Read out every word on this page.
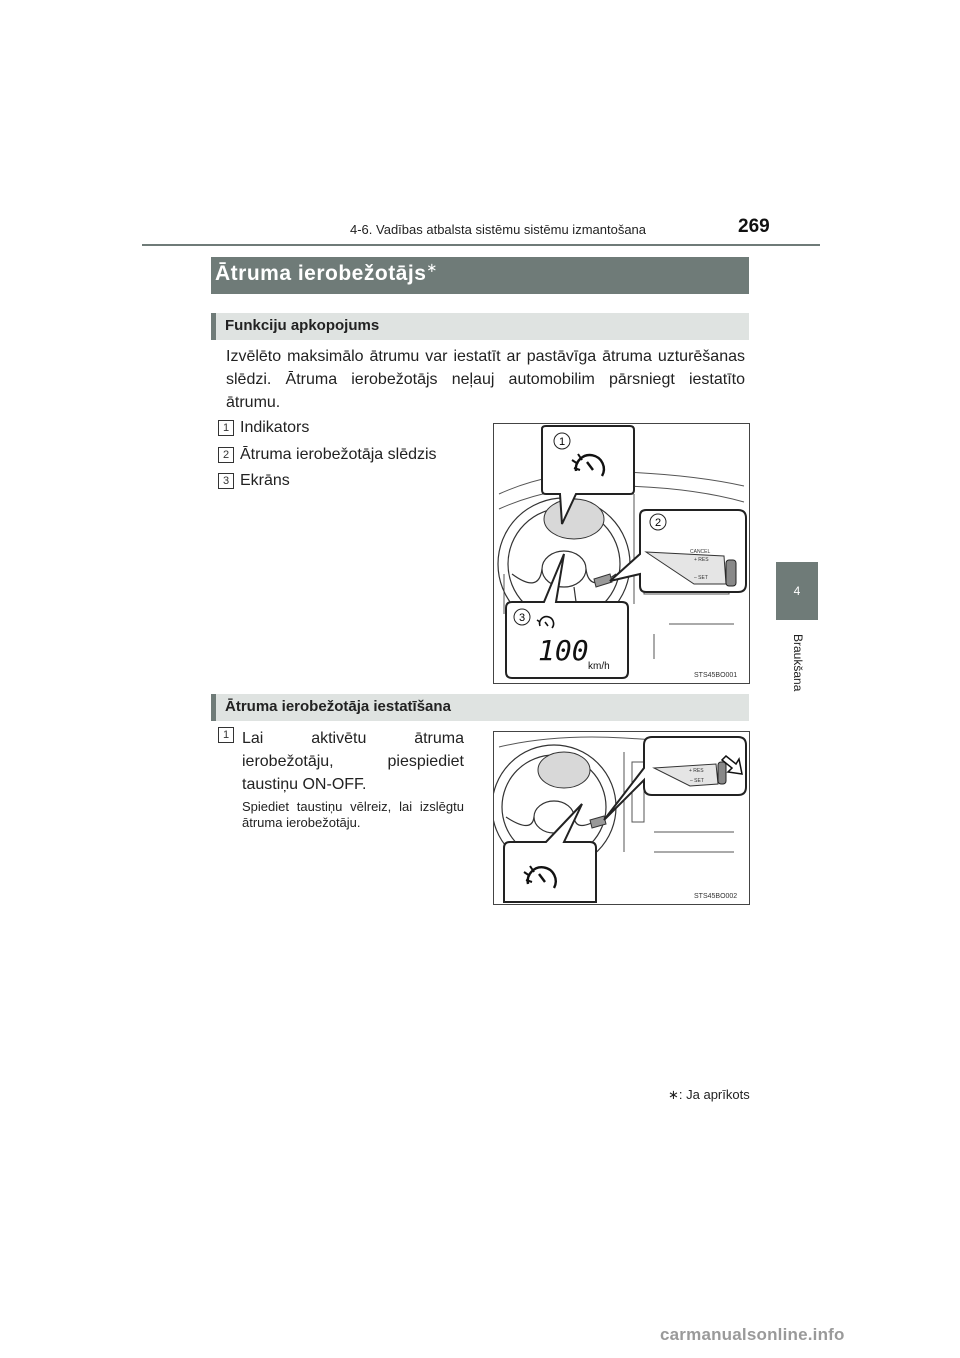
4-6. Vadības atbalsta sistēmu sistēmu izmantošana	269
4
Braukšana
Ātruma ierobežotājs∗
Funkciju apkopojums
Izvēlēto maksimālo ātrumu var iestatīt ar pastāvīga ātruma uzturēšanas slēdzi. Ātruma ierobežotājs neļauj automobilim pārsniegt iestatīto ātrumu.
1 Indikators
2 Ātruma ierobežotāja slēdzis
3 Ekrāns
1
2
CANCEL
+ RES
– SET
3
100 km/h
STS45BO001
Ātruma ierobežotāja iestatīšana
1 Lai aktivētu ātruma ierobežotāju, piespiediet taustiņu ON-OFF.
Spiediet taustiņu vēlreiz, lai izslēgtu ātruma ierobežotāju.
+ RES
– SET
STS45BO002
∗: Ja aprīkots
carmanualsonline.info
